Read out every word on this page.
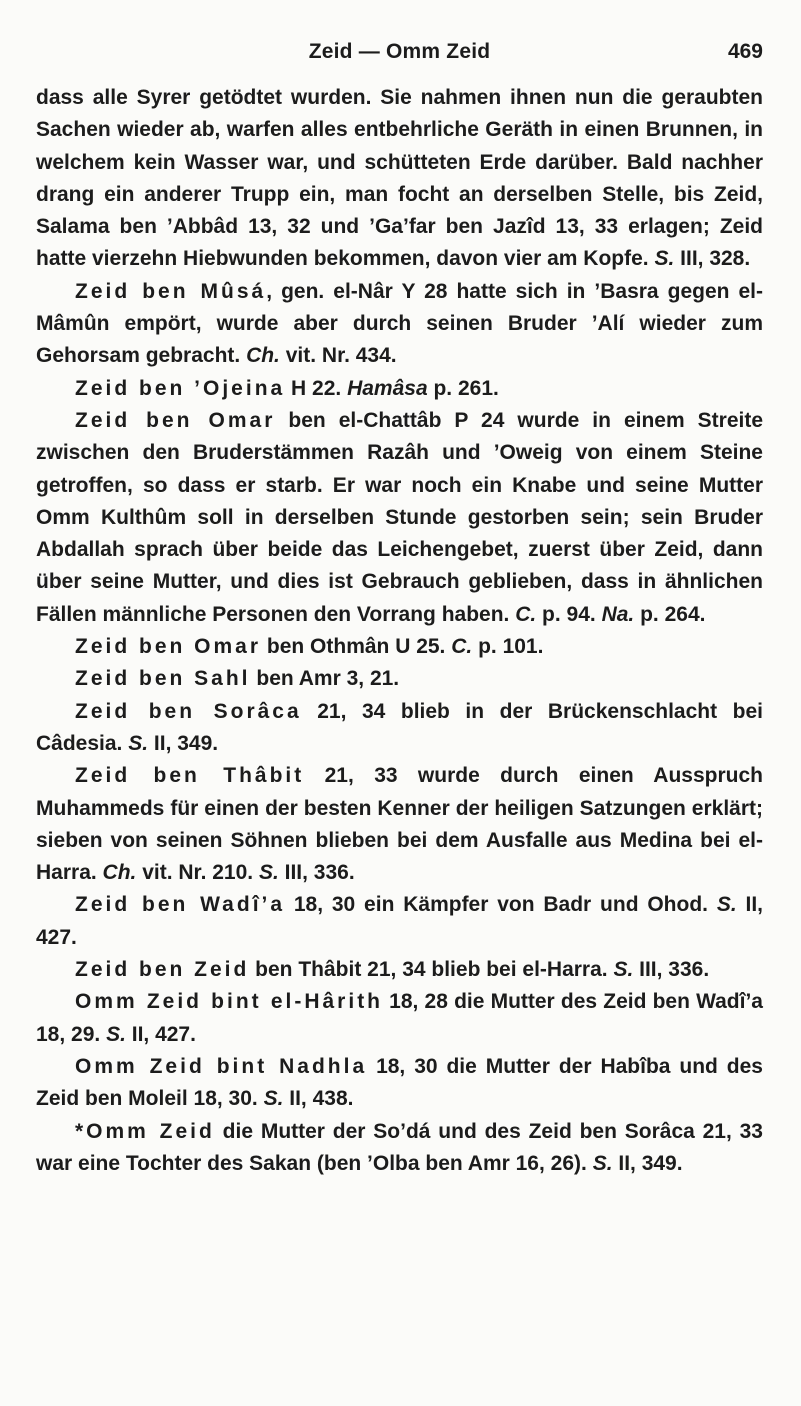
Zeid — Omm Zeid	469

dass alle Syrer getödtet wurden. Sie nahmen ihnen nun die geraubten Sachen wieder ab, warfen alles entbehrliche Geräth in einen Brunnen, in welchem kein Wasser war, und schütteten Erde darüber. Bald nachher drang ein anderer Trupp ein, man focht an derselben Stelle, bis Zeid, Salama ben ’Abbâd 13, 32 und ’Ga’far ben Jazîd 13, 33 erlagen; Zeid hatte vierzehn Hiebwunden bekommen, davon vier am Kopfe. S. III, 328.

Zeid ben Mûsá, gen. el-Nâr Y 28 hatte sich in ’Basra gegen el-Mâmûn empört, wurde aber durch seinen Bruder ’Alí wieder zum Gehorsam gebracht. Ch. vit. Nr. 434.

Zeid ben ’Ojeina H 22. Hamâsa p. 261.

Zeid ben Omar ben el-Chattâb P 24 wurde in einem Streite zwischen den Bruderstämmen Razâh und ’Oweig von einem Steine getroffen, so dass er starb. Er war noch ein Knabe und seine Mutter Omm Kulthûm soll in derselben Stunde gestorben sein; sein Bruder Abdallah sprach über beide das Leichengebet, zuerst über Zeid, dann über seine Mutter, und dies ist Gebrauch geblieben, dass in ähnlichen Fällen männliche Personen den Vorrang haben. C. p. 94. Na. p. 264.

Zeid ben Omar ben Othmân U 25. C. p. 101.

Zeid ben Sahl ben Amr 3, 21.

Zeid ben Sorâca 21, 34 blieb in der Brückenschlacht bei Câdesia. S. II, 349.

Zeid ben Thâbit 21, 33 wurde durch einen Ausspruch Muhammeds für einen der besten Kenner der heiligen Satzungen erklärt; sieben von seinen Söhnen blieben bei dem Ausfalle aus Medina bei el-Harra. Ch. vit. Nr. 210. S. III, 336.

Zeid ben Wadî’a 18, 30 ein Kämpfer von Badr und Ohod. S. II, 427.

Zeid ben Zeid ben Thâbit 21, 34 blieb bei el-Harra. S. III, 336.

Omm Zeid bint el-Hârith 18, 28 die Mutter des Zeid ben Wadî’a 18, 29. S. II, 427.

Omm Zeid bint Nadhla 18, 30 die Mutter der Habîba und des Zeid ben Moleil 18, 30. S. II, 438.

*Omm Zeid die Mutter der So’dá und des Zeid ben Sorâca 21, 33 war eine Tochter des Sakan (ben ’Olba ben Amr 16, 26). S. II, 349.
